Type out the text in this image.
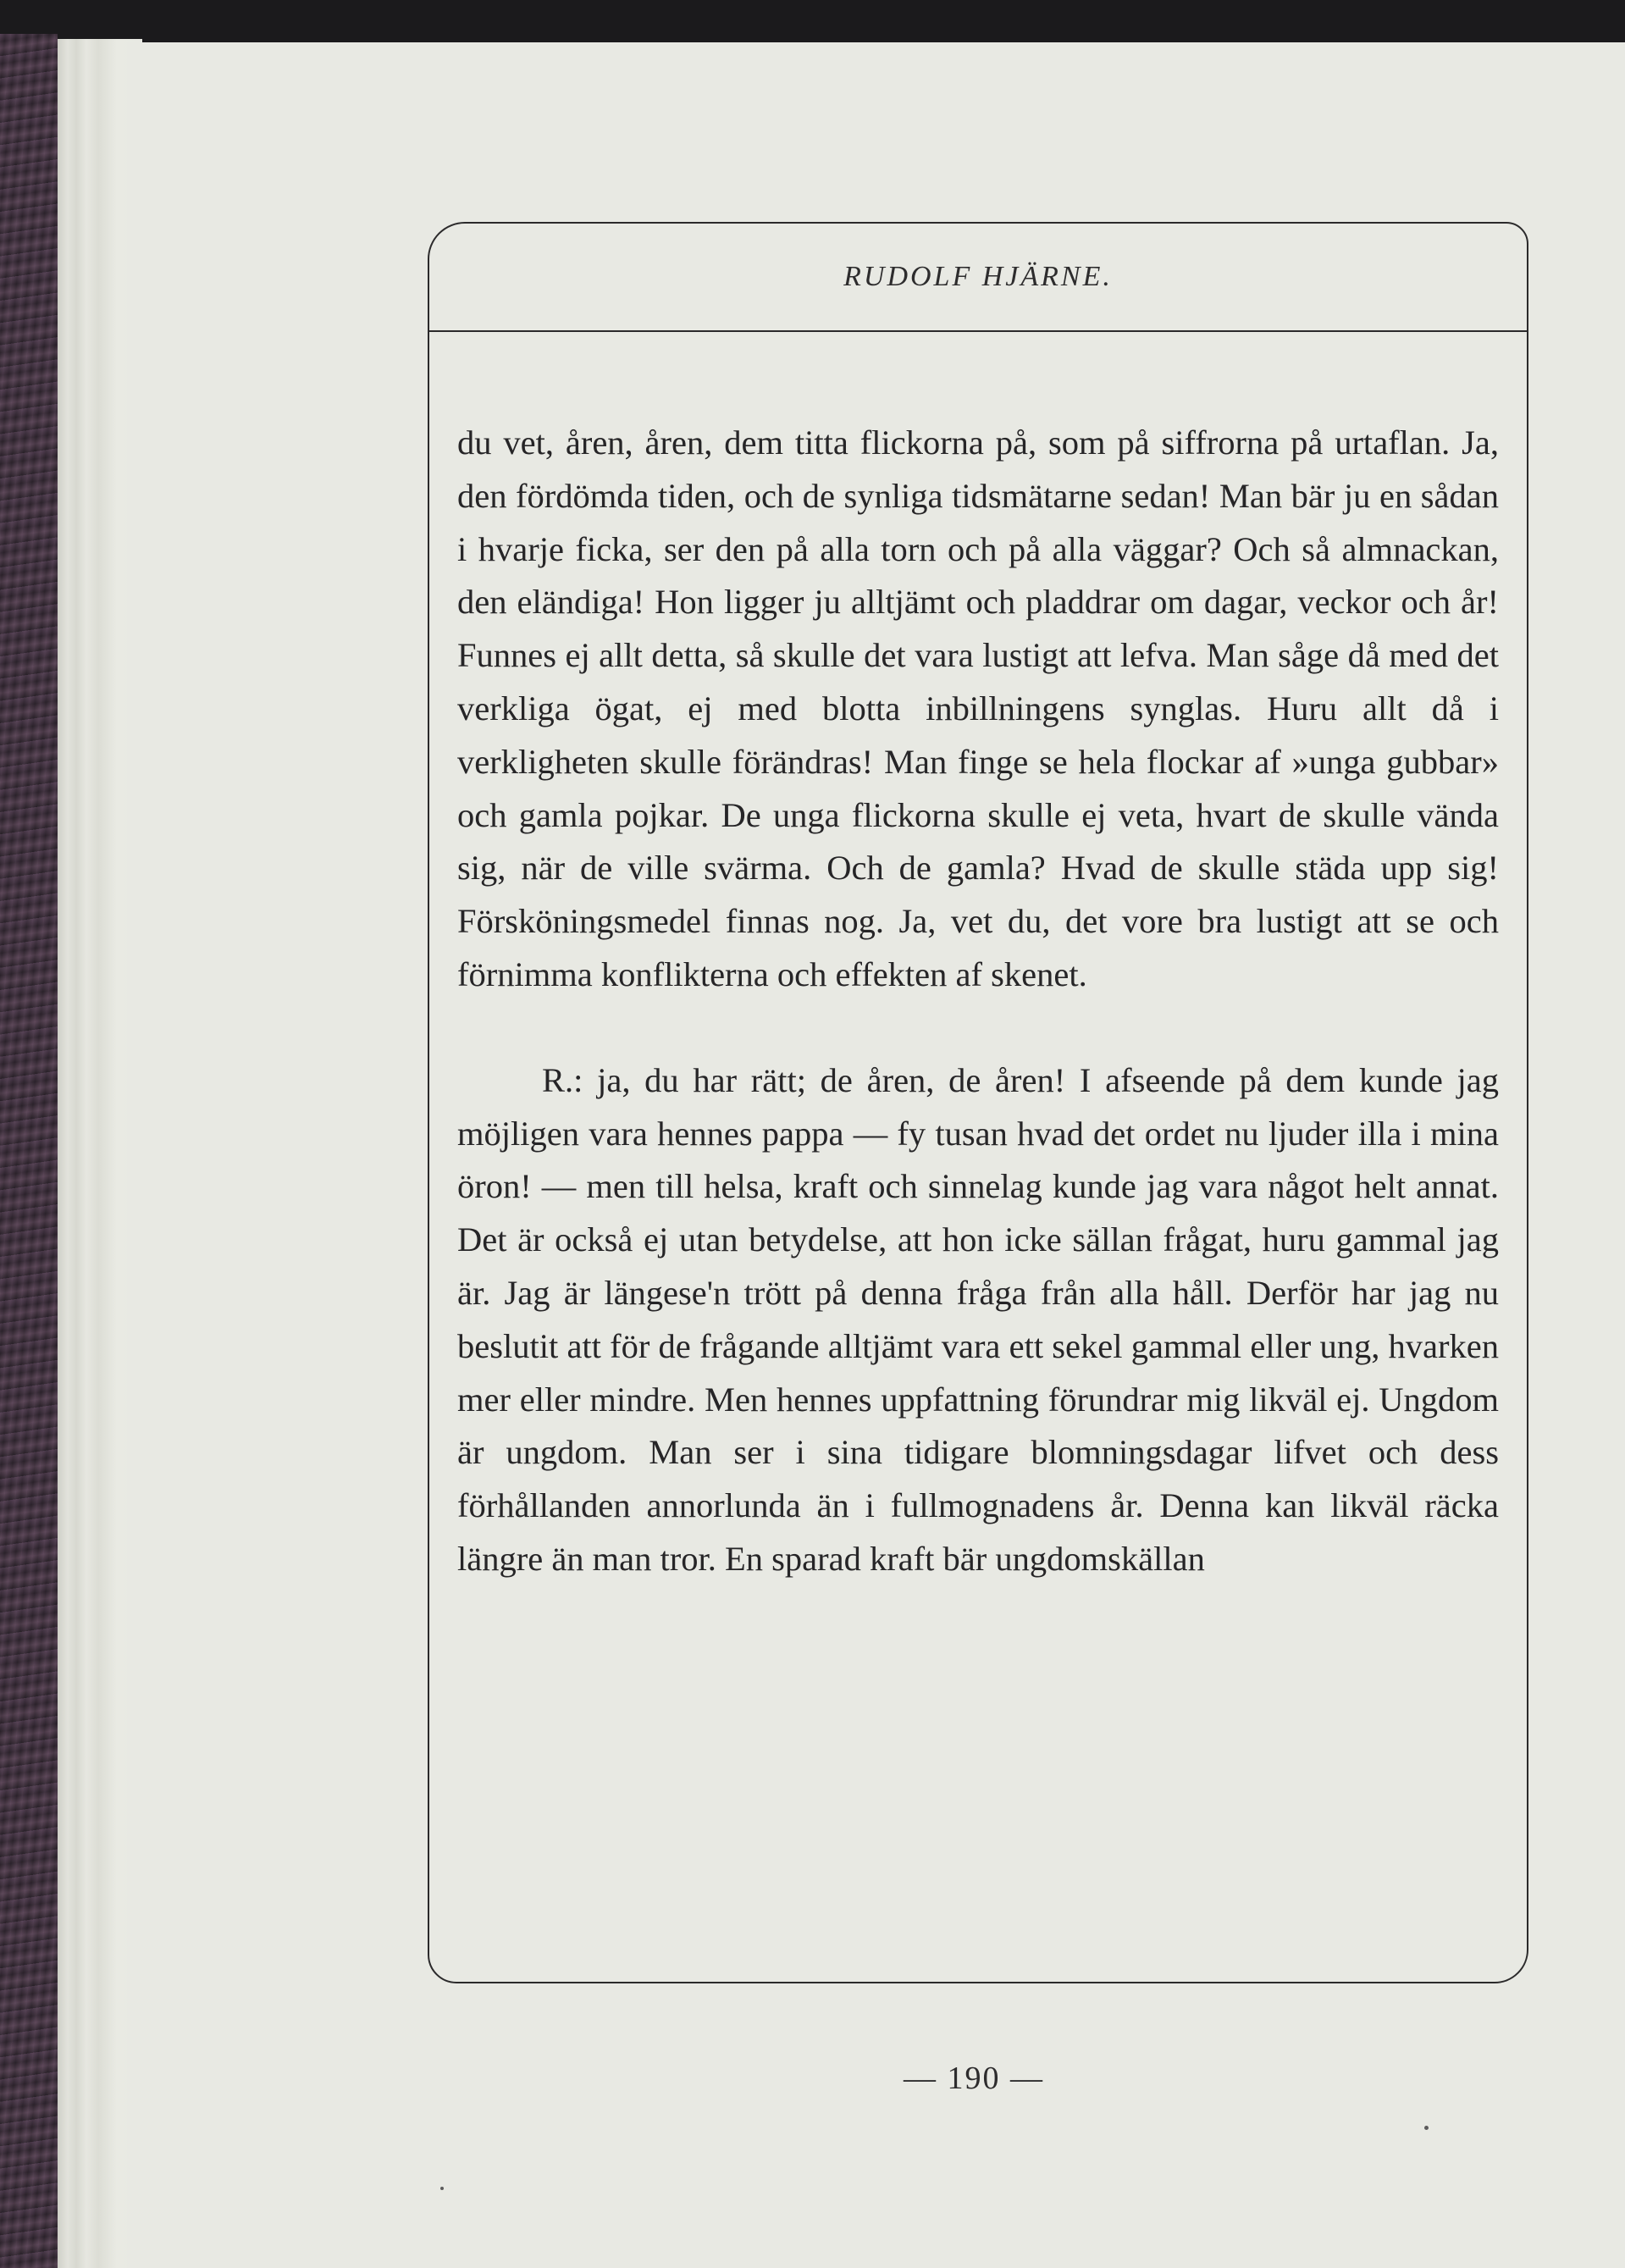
RUDOLF HJÄRNE.

du vet, åren, åren, dem titta flickorna på, som på siffrorna på urtaflan. Ja, den fördömda tiden, och de synliga tidsmätarne sedan! Man bär ju en sådan i hvarje ficka, ser den på alla torn och på alla väggar? Och så almnackan, den eländiga! Hon ligger ju alltjämt och pladdrar om dagar, veckor och år! Funnes ej allt detta, så skulle det vara lustigt att lefva. Man såge då med det verkliga ögat, ej med blotta inbillningens synglas. Huru allt då i verkligheten skulle förändras! Man finge se hela flockar af »unga gubbar» och gamla pojkar. De unga flickorna skulle ej veta, hvart de skulle vända sig, när de ville svärma. Och de gamla? Hvad de skulle städa upp sig! Försköningsmedel finnas nog. Ja, vet du, det vore bra lustigt att se och förnimma konflikterna och effekten af skenet.

R.: ja, du har rätt; de åren, de åren! I afseende på dem kunde jag möjligen vara hennes pappa — fy tusan hvad det ordet nu ljuder illa i mina öron! — men till helsa, kraft och sinnelag kunde jag vara något helt annat. Det är också ej utan betydelse, att hon icke sällan frågat, huru gammal jag är. Jag är längese'n trött på denna fråga från alla håll. Derför har jag nu beslutit att för de frågande alltjämt vara ett sekel gammal eller ung, hvarken mer eller mindre. Men hennes uppfattning förundrar mig likväl ej. Ungdom är ungdom. Man ser i sina tidigare blomningsdagar lifvet och dess förhållanden annorlunda än i fullmognadens år. Denna kan likväl räcka längre än man tror. En sparad kraft bär ungdomskällan

— 190 —
